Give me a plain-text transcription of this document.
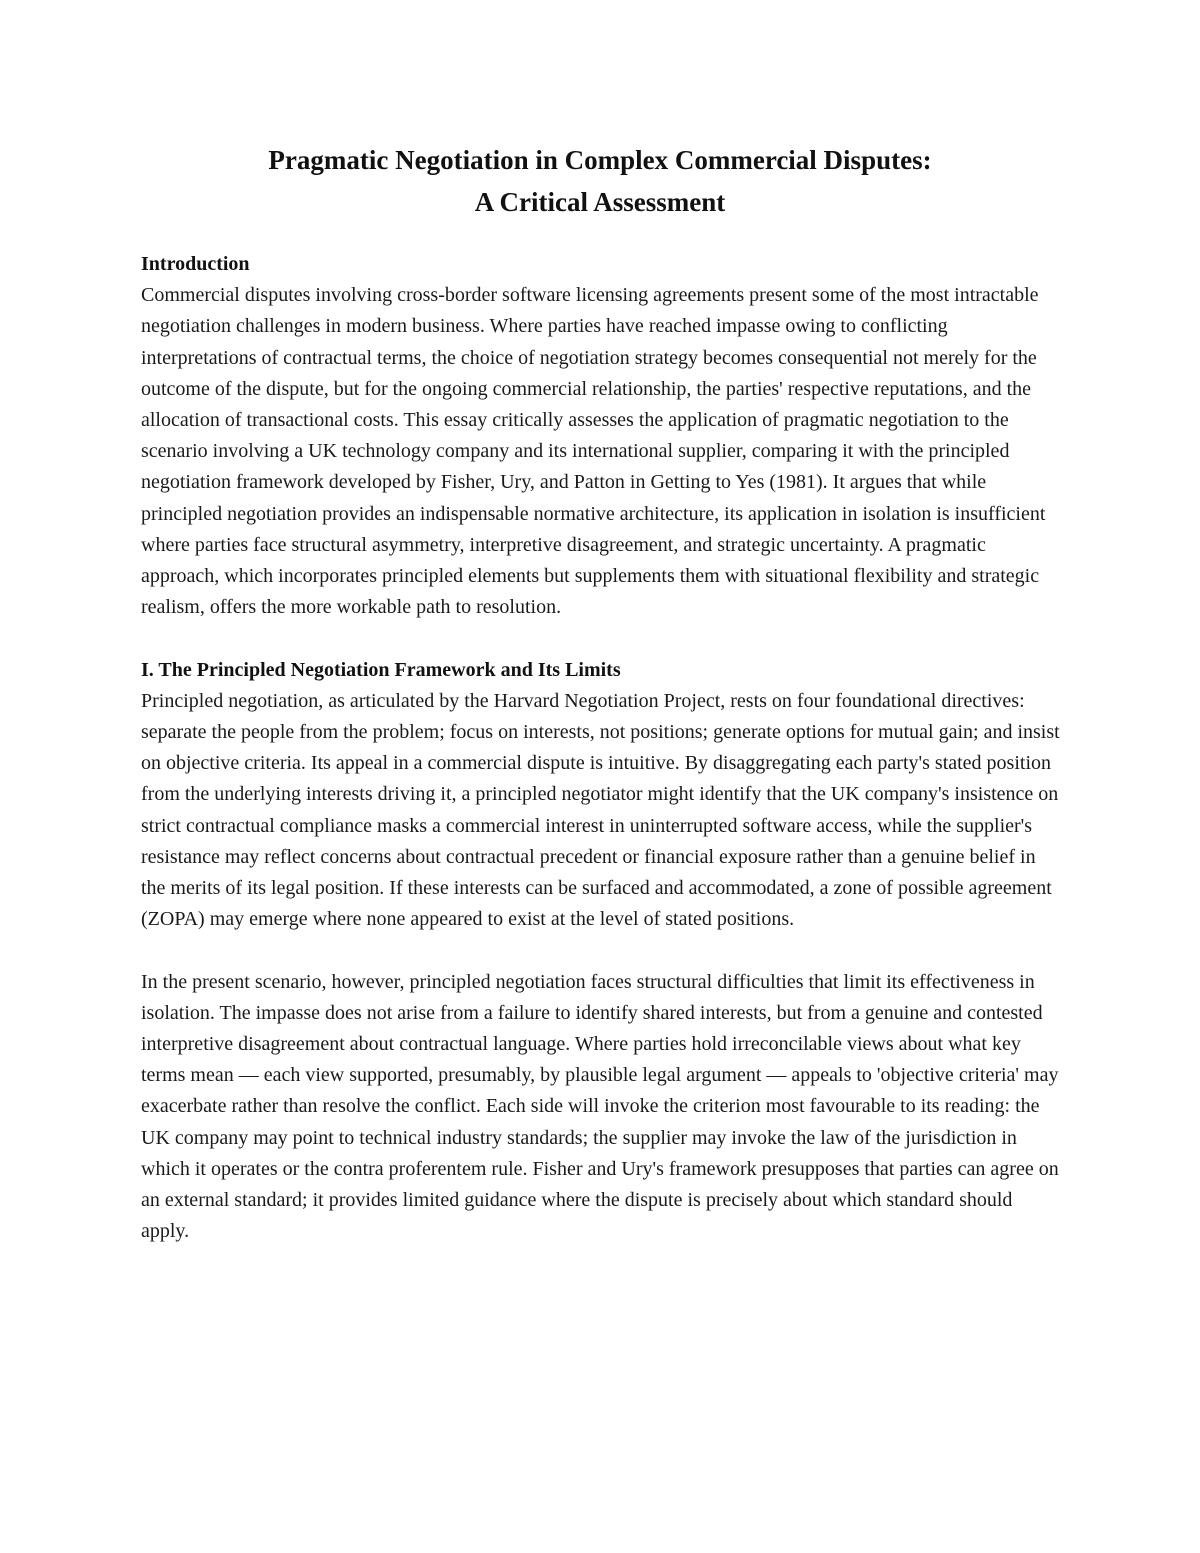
Pragmatic Negotiation in Complex Commercial Disputes:
A Critical Assessment
Introduction
Commercial disputes involving cross-border software licensing agreements present some of the most intractable negotiation challenges in modern business. Where parties have reached impasse owing to conflicting interpretations of contractual terms, the choice of negotiation strategy becomes consequential not merely for the outcome of the dispute, but for the ongoing commercial relationship, the parties' respective reputations, and the allocation of transactional costs. This essay critically assesses the application of pragmatic negotiation to the scenario involving a UK technology company and its international supplier, comparing it with the principled negotiation framework developed by Fisher, Ury, and Patton in Getting to Yes (1981). It argues that while principled negotiation provides an indispensable normative architecture, its application in isolation is insufficient where parties face structural asymmetry, interpretive disagreement, and strategic uncertainty. A pragmatic approach, which incorporates principled elements but supplements them with situational flexibility and strategic realism, offers the more workable path to resolution.
I. The Principled Negotiation Framework and Its Limits
Principled negotiation, as articulated by the Harvard Negotiation Project, rests on four foundational directives: separate the people from the problem; focus on interests, not positions; generate options for mutual gain; and insist on objective criteria. Its appeal in a commercial dispute is intuitive. By disaggregating each party's stated position from the underlying interests driving it, a principled negotiator might identify that the UK company's insistence on strict contractual compliance masks a commercial interest in uninterrupted software access, while the supplier's resistance may reflect concerns about contractual precedent or financial exposure rather than a genuine belief in the merits of its legal position. If these interests can be surfaced and accommodated, a zone of possible agreement (ZOPA) may emerge where none appeared to exist at the level of stated positions.
In the present scenario, however, principled negotiation faces structural difficulties that limit its effectiveness in isolation. The impasse does not arise from a failure to identify shared interests, but from a genuine and contested interpretive disagreement about contractual language. Where parties hold irreconcilable views about what key terms mean — each view supported, presumably, by plausible legal argument — appeals to 'objective criteria' may exacerbate rather than resolve the conflict. Each side will invoke the criterion most favourable to its reading: the UK company may point to technical industry standards; the supplier may invoke the law of the jurisdiction in which it operates or the contra proferentem rule. Fisher and Ury's framework presupposes that parties can agree on an external standard; it provides limited guidance where the dispute is precisely about which standard should apply.
